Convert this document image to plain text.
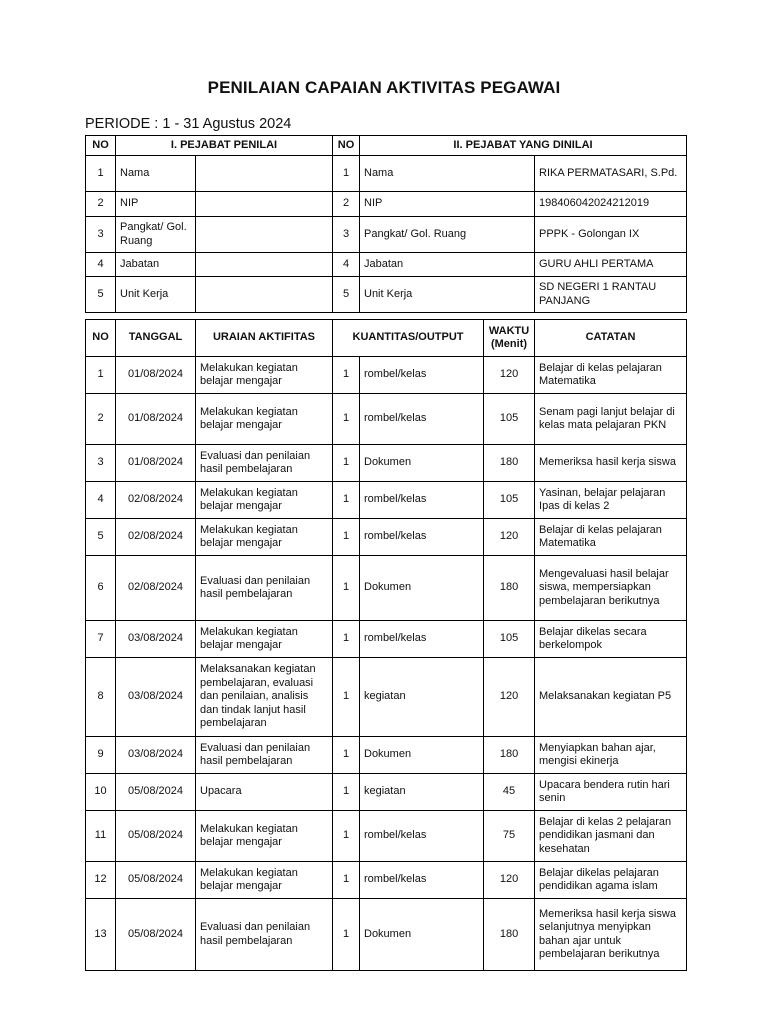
PENILAIAN CAPAIAN AKTIVITAS PEGAWAI
PERIODE : 1 - 31 Agustus 2024
NO	I. PEJABAT PENILAI		NO	II. PEJABAT YANG DINILAI	
1	Nama		1	Nama	RIKA PERMATASARI, S.Pd.
2	NIP		2	NIP	198406042024212019
3	Pangkat/ Gol. Ruang		3	Pangkat/ Gol. Ruang	PPPK - Golongan IX
4	Jabatan		4	Jabatan	GURU AHLI PERTAMA
5	Unit Kerja		5	Unit Kerja	SD NEGERI 1 RANTAU PANJANG
NO	TANGGAL	URAIAN AKTIFITAS	KUANTITAS/OUTPUT		WAKTU (Menit)	CATATAN
1	01/08/2024	Melakukan kegiatan belajar mengajar	1	rombel/kelas	120	Belajar di kelas pelajaran Matematika
2	01/08/2024	Melakukan kegiatan belajar mengajar	1	rombel/kelas	105	Senam pagi lanjut belajar di kelas mata pelajaran PKN
3	01/08/2024	Evaluasi dan penilaian hasil pembelajaran	1	Dokumen	180	Memeriksa hasil kerja siswa
4	02/08/2024	Melakukan kegiatan belajar mengajar	1	rombel/kelas	105	Yasinan, belajar pelajaran Ipas di kelas 2
5	02/08/2024	Melakukan kegiatan belajar mengajar	1	rombel/kelas	120	Belajar di kelas pelajaran Matematika
6	02/08/2024	Evaluasi dan penilaian hasil pembelajaran	1	Dokumen	180	Mengevaluasi hasil belajar siswa, mempersiapkan pembelajaran berikutnya
7	03/08/2024	Melakukan kegiatan belajar mengajar	1	rombel/kelas	105	Belajar dikelas secara berkelompok
8	03/08/2024	Melaksanakan kegiatan pembelajaran, evaluasi dan penilaian, analisis dan tindak lanjut hasil pembelajaran	1	kegiatan	120	Melaksanakan kegiatan P5
9	03/08/2024	Evaluasi dan penilaian hasil pembelajaran	1	Dokumen	180	Menyiapkan bahan ajar, mengisi ekinerja
10	05/08/2024	Upacara	1	kegiatan	45	Upacara bendera rutin hari senin
11	05/08/2024	Melakukan kegiatan belajar mengajar	1	rombel/kelas	75	Belajar di kelas 2 pelajaran pendidikan jasmani dan kesehatan
12	05/08/2024	Melakukan kegiatan belajar mengajar	1	rombel/kelas	120	Belajar dikelas pelajaran pendidikan agama islam
13	05/08/2024	Evaluasi dan penilaian hasil pembelajaran	1	Dokumen	180	Memeriksa hasil kerja siswa selanjutnya menyipkan bahan ajar untuk pembelajaran berikutnya
